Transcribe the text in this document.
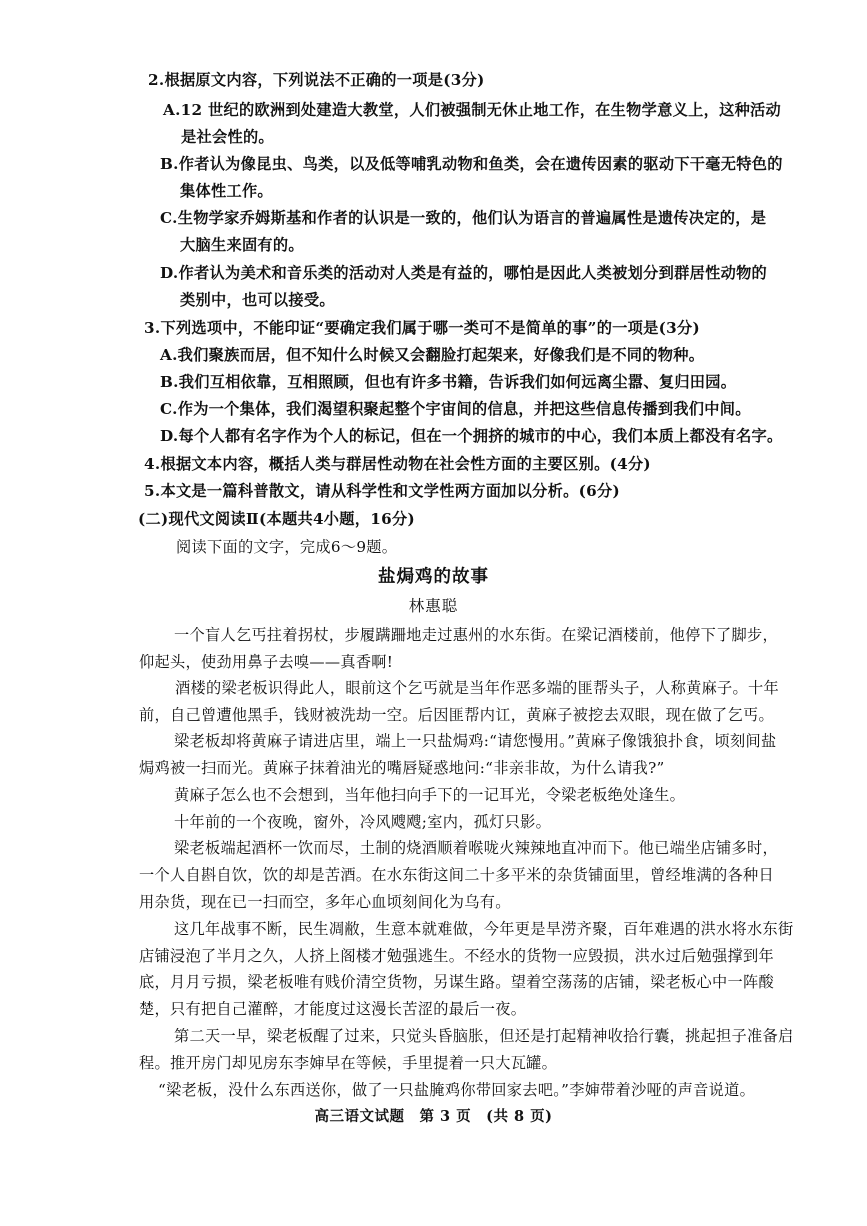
2.根据原文内容，下列说法不正确的一项是(3分)
A.12 世纪的欧洲到处建造大教堂，人们被强制无休止地工作，在生物学意义上，这种活动
是社会性的。
B.作者认为像昆虫、鸟类，以及低等哺乳动物和鱼类，会在遗传因素的驱动下干毫无特色的
集体性工作。
C.生物学家乔姆斯基和作者的认识是一致的，他们认为语言的普遍属性是遗传决定的，是
大脑生来固有的。
D.作者认为美术和音乐类的活动对人类是有益的，哪怕是因此人类被划分到群居性动物的
类别中，也可以接受。
3.下列选项中，不能印证“要确定我们属于哪一类可不是简单的事”的一项是(3分)
A.我们聚族而居，但不知什么时候又会翻脸打起架来，好像我们是不同的物种。
B.我们互相依靠，互相照顾，但也有许多书籍，告诉我们如何远离尘嚣、复归田园。
C.作为一个集体，我们渴望积聚起整个宇宙间的信息，并把这些信息传播到我们中间。
D.每个人都有名字作为个人的标记，但在一个拥挤的城市的中心，我们本质上都没有名字。
4.根据文本内容，概括人类与群居性动物在社会性方面的主要区别。(4分)
5.本文是一篇科普散文，请从科学性和文学性两方面加以分析。(6分)
(二)现代文阅读Ⅱ(本题共4小题，16分)
阅读下面的文字，完成6～9题。
盐焗鸡的故事
林惠聪
一个盲人乞丐拄着拐杖，步履蹒跚地走过惠州的水东街。在梁记酒楼前，他停下了脚步，
仰起头，使劲用鼻子去嗅——真香啊!
酒楼的梁老板识得此人，眼前这个乞丐就是当年作恶多端的匪帮头子，人称黄麻子。十年
前，自己曾遭他黑手，钱财被洗劫一空。后因匪帮内讧，黄麻子被挖去双眼，现在做了乞丐。
梁老板却将黄麻子请进店里，端上一只盐焗鸡:“请您慢用。”黄麻子像饿狼扑食，顷刻间盐
焗鸡被一扫而光。黄麻子抹着油光的嘴唇疑惑地问:“非亲非故，为什么请我?”
黄麻子怎么也不会想到，当年他扫向手下的一记耳光，令梁老板绝处逢生。
十年前的一个夜晚，窗外，冷风飕飕;室内，孤灯只影。
梁老板端起酒杯一饮而尽，土制的烧酒顺着喉咙火辣辣地直冲而下。他已端坐店铺多时，
一个人自斟自饮，饮的却是苦酒。在水东街这间二十多平米的杂货铺面里，曾经堆满的各种日
用杂货，现在已一扫而空，多年心血顷刻间化为乌有。
这几年战事不断，民生凋敝，生意本就难做，今年更是旱涝齐聚，百年难遇的洪水将水东街
店铺浸泡了半月之久，人挤上阁楼才勉强逃生。不经水的货物一应毁损，洪水过后勉强撑到年
底，月月亏损，梁老板唯有贱价清空货物，另谋生路。望着空荡荡的店铺，梁老板心中一阵酸
楚，只有把自己灌醉，才能度过这漫长苦涩的最后一夜。
第二天一早，梁老板醒了过来，只觉头昏脑胀，但还是打起精神收拾行囊，挑起担子准备启
程。推开房门却见房东李婶早在等候，手里提着一只大瓦罐。
“梁老板，没什么东西送你，做了一只盐腌鸡你带回家去吧。”李婶带着沙哑的声音说道。
高三语文试题　第 3 页　(共 8 页)
